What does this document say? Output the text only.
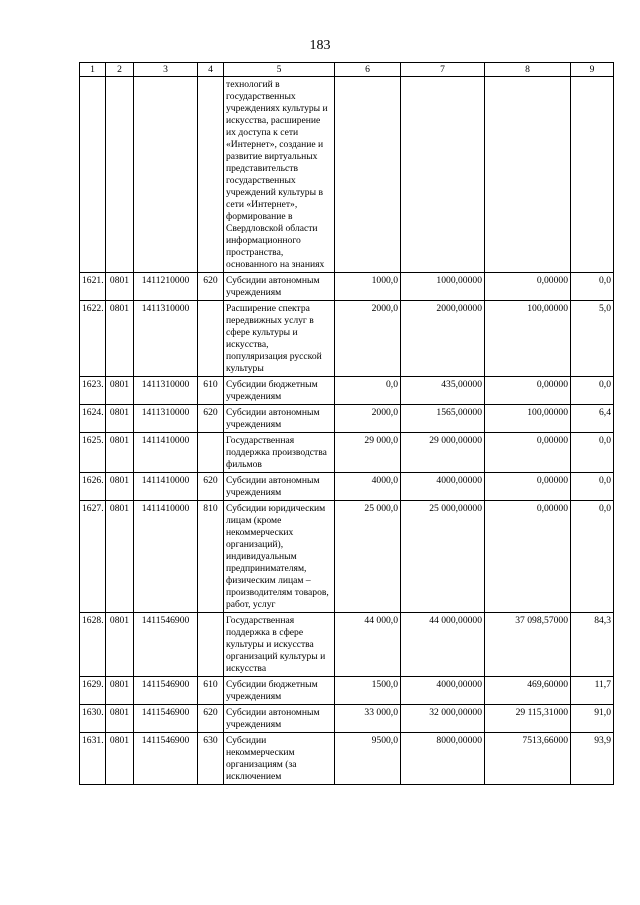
183
1	2	3	4	5	6	7	8	9
				технологий в государственных учреждениях культуры и искусства, расширение их доступа к сети «Интернет», создание и развитие виртуальных представительств государственных учреждений культуры в сети «Интернет», формирование в Свердловской области информационного пространства, основанного на знаниях				
1621.	0801	1411210000	620	Субсидии автономным учреждениям	1000,0	1000,00000	0,00000	0,0
1622.	0801	1411310000		Расширение спектра передвижных услуг в сфере культуры и искусства, популяризация русской культуры	2000,0	2000,00000	100,00000	5,0
1623.	0801	1411310000	610	Субсидии бюджетным учреждениям	0,0	435,00000	0,00000	0,0
1624.	0801	1411310000	620	Субсидии автономным учреждениям	2000,0	1565,00000	100,00000	6,4
1625.	0801	1411410000		Государственная поддержка производства фильмов	29 000,0	29 000,00000	0,00000	0,0
1626.	0801	1411410000	620	Субсидии автономным учреждениям	4000,0	4000,00000	0,00000	0,0
1627.	0801	1411410000	810	Субсидии юридическим лицам (кроме некоммерческих организаций), индивидуальным предпринимателям, физическим лицам – производителям товаров, работ, услуг	25 000,0	25 000,00000	0,00000	0,0
1628.	0801	1411546900		Государственная поддержка в сфере культуры и искусства организаций культуры и искусства	44 000,0	44 000,00000	37 098,57000	84,3
1629.	0801	1411546900	610	Субсидии бюджетным учреждениям	1500,0	4000,00000	469,60000	11,7
1630.	0801	1411546900	620	Субсидии автономным учреждениям	33 000,0	32 000,00000	29 115,31000	91,0
1631.	0801	1411546900	630	Субсидии некоммерческим организациям (за исключением	9500,0	8000,00000	7513,66000	93,9
